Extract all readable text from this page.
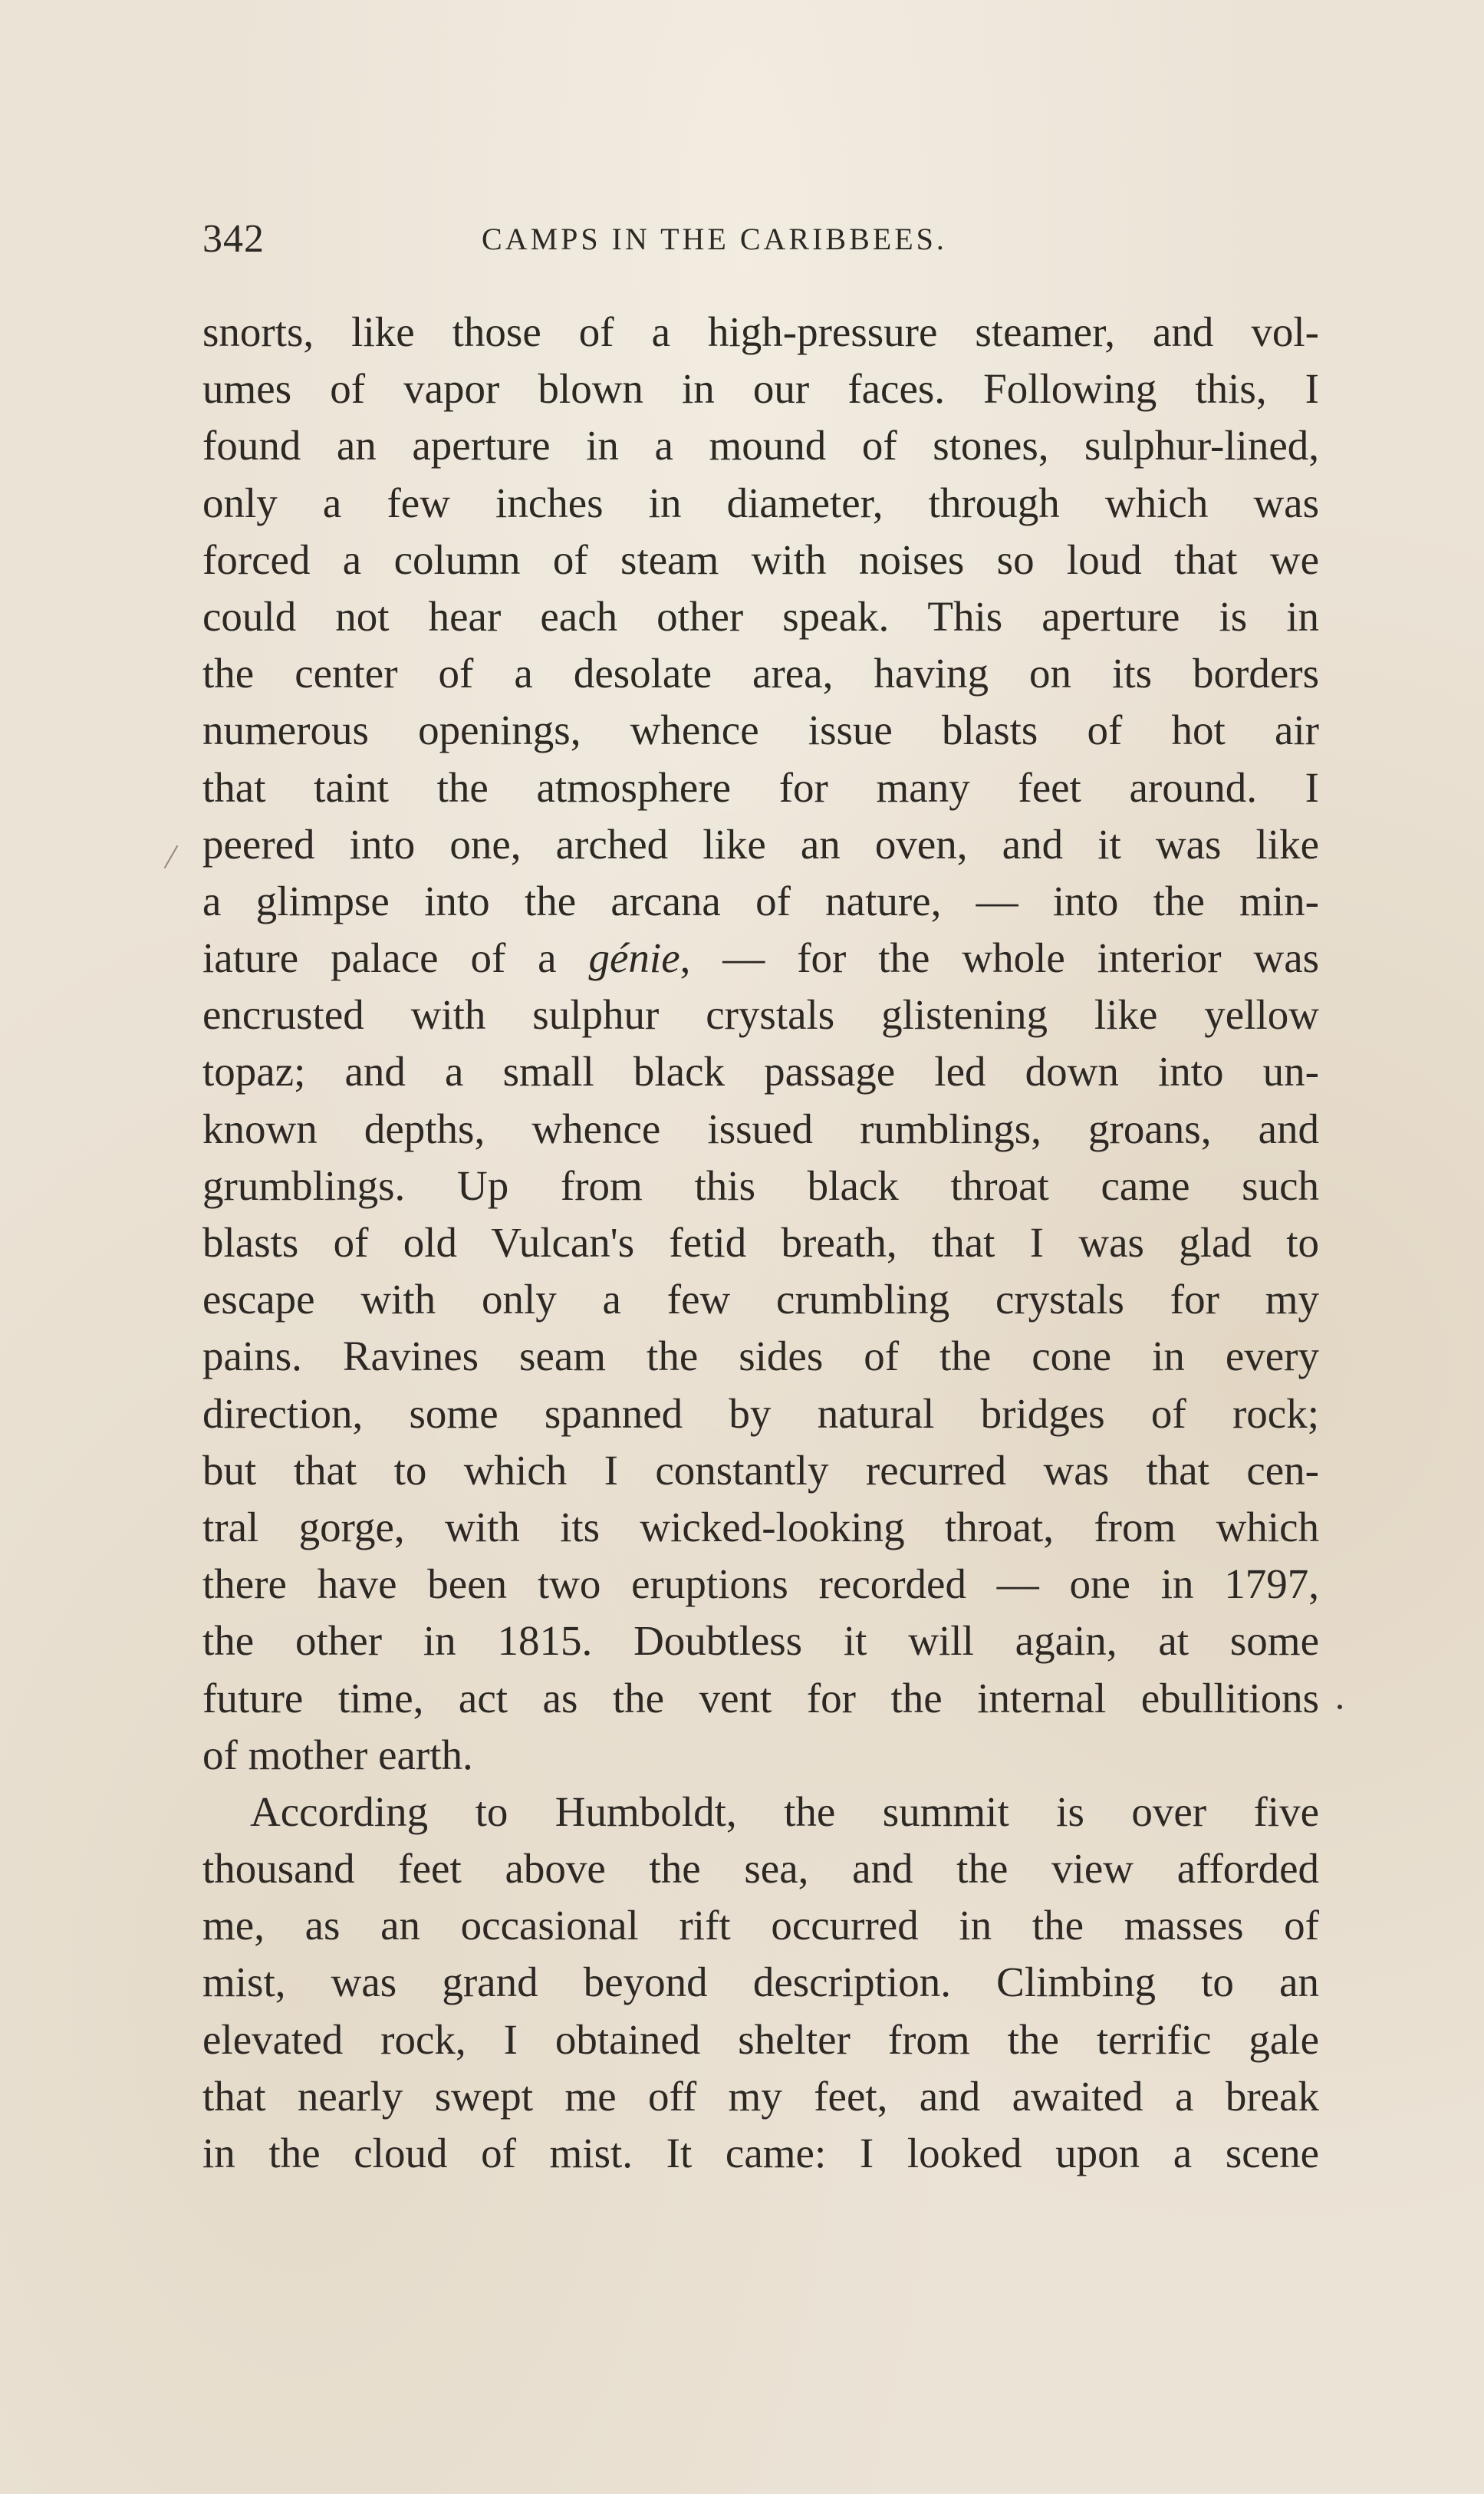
342	CAMPS IN THE CARIBBEES.
snorts, like those of a high-pressure steamer, and vol-
umes of vapor blown in our faces. Following this, I
found an aperture in a mound of stones, sulphur-lined,
only a few inches in diameter, through which was
forced a column of steam with noises so loud that we
could not hear each other speak. This aperture is in
the center of a desolate area, having on its borders
numerous openings, whence issue blasts of hot air
that taint the atmosphere for many feet around. I
peered into one, arched like an oven, and it was like
a glimpse into the arcana of nature, — into the min-
iature palace of a génie, — for the whole interior was
encrusted with sulphur crystals glistening like yellow
topaz; and a small black passage led down into un-
known depths, whence issued rumblings, groans, and
grumblings. Up from this black throat came such
blasts of old Vulcan's fetid breath, that I was glad to
escape with only a few crumbling crystals for my
pains. Ravines seam the sides of the cone in every
direction, some spanned by natural bridges of rock;
but that to which I constantly recurred was that cen-
tral gorge, with its wicked-looking throat, from which
there have been two eruptions recorded — one in 1797,
the other in 1815. Doubtless it will again, at some
future time, act as the vent for the internal ebullitions
of mother earth.
According to Humboldt, the summit is over five
thousand feet above the sea, and the view afforded
me, as an occasional rift occurred in the masses of
mist, was grand beyond description. Climbing to an
elevated rock, I obtained shelter from the terrific gale
that nearly swept me off my feet, and awaited a break
in the cloud of mist. It came: I looked upon a scene
